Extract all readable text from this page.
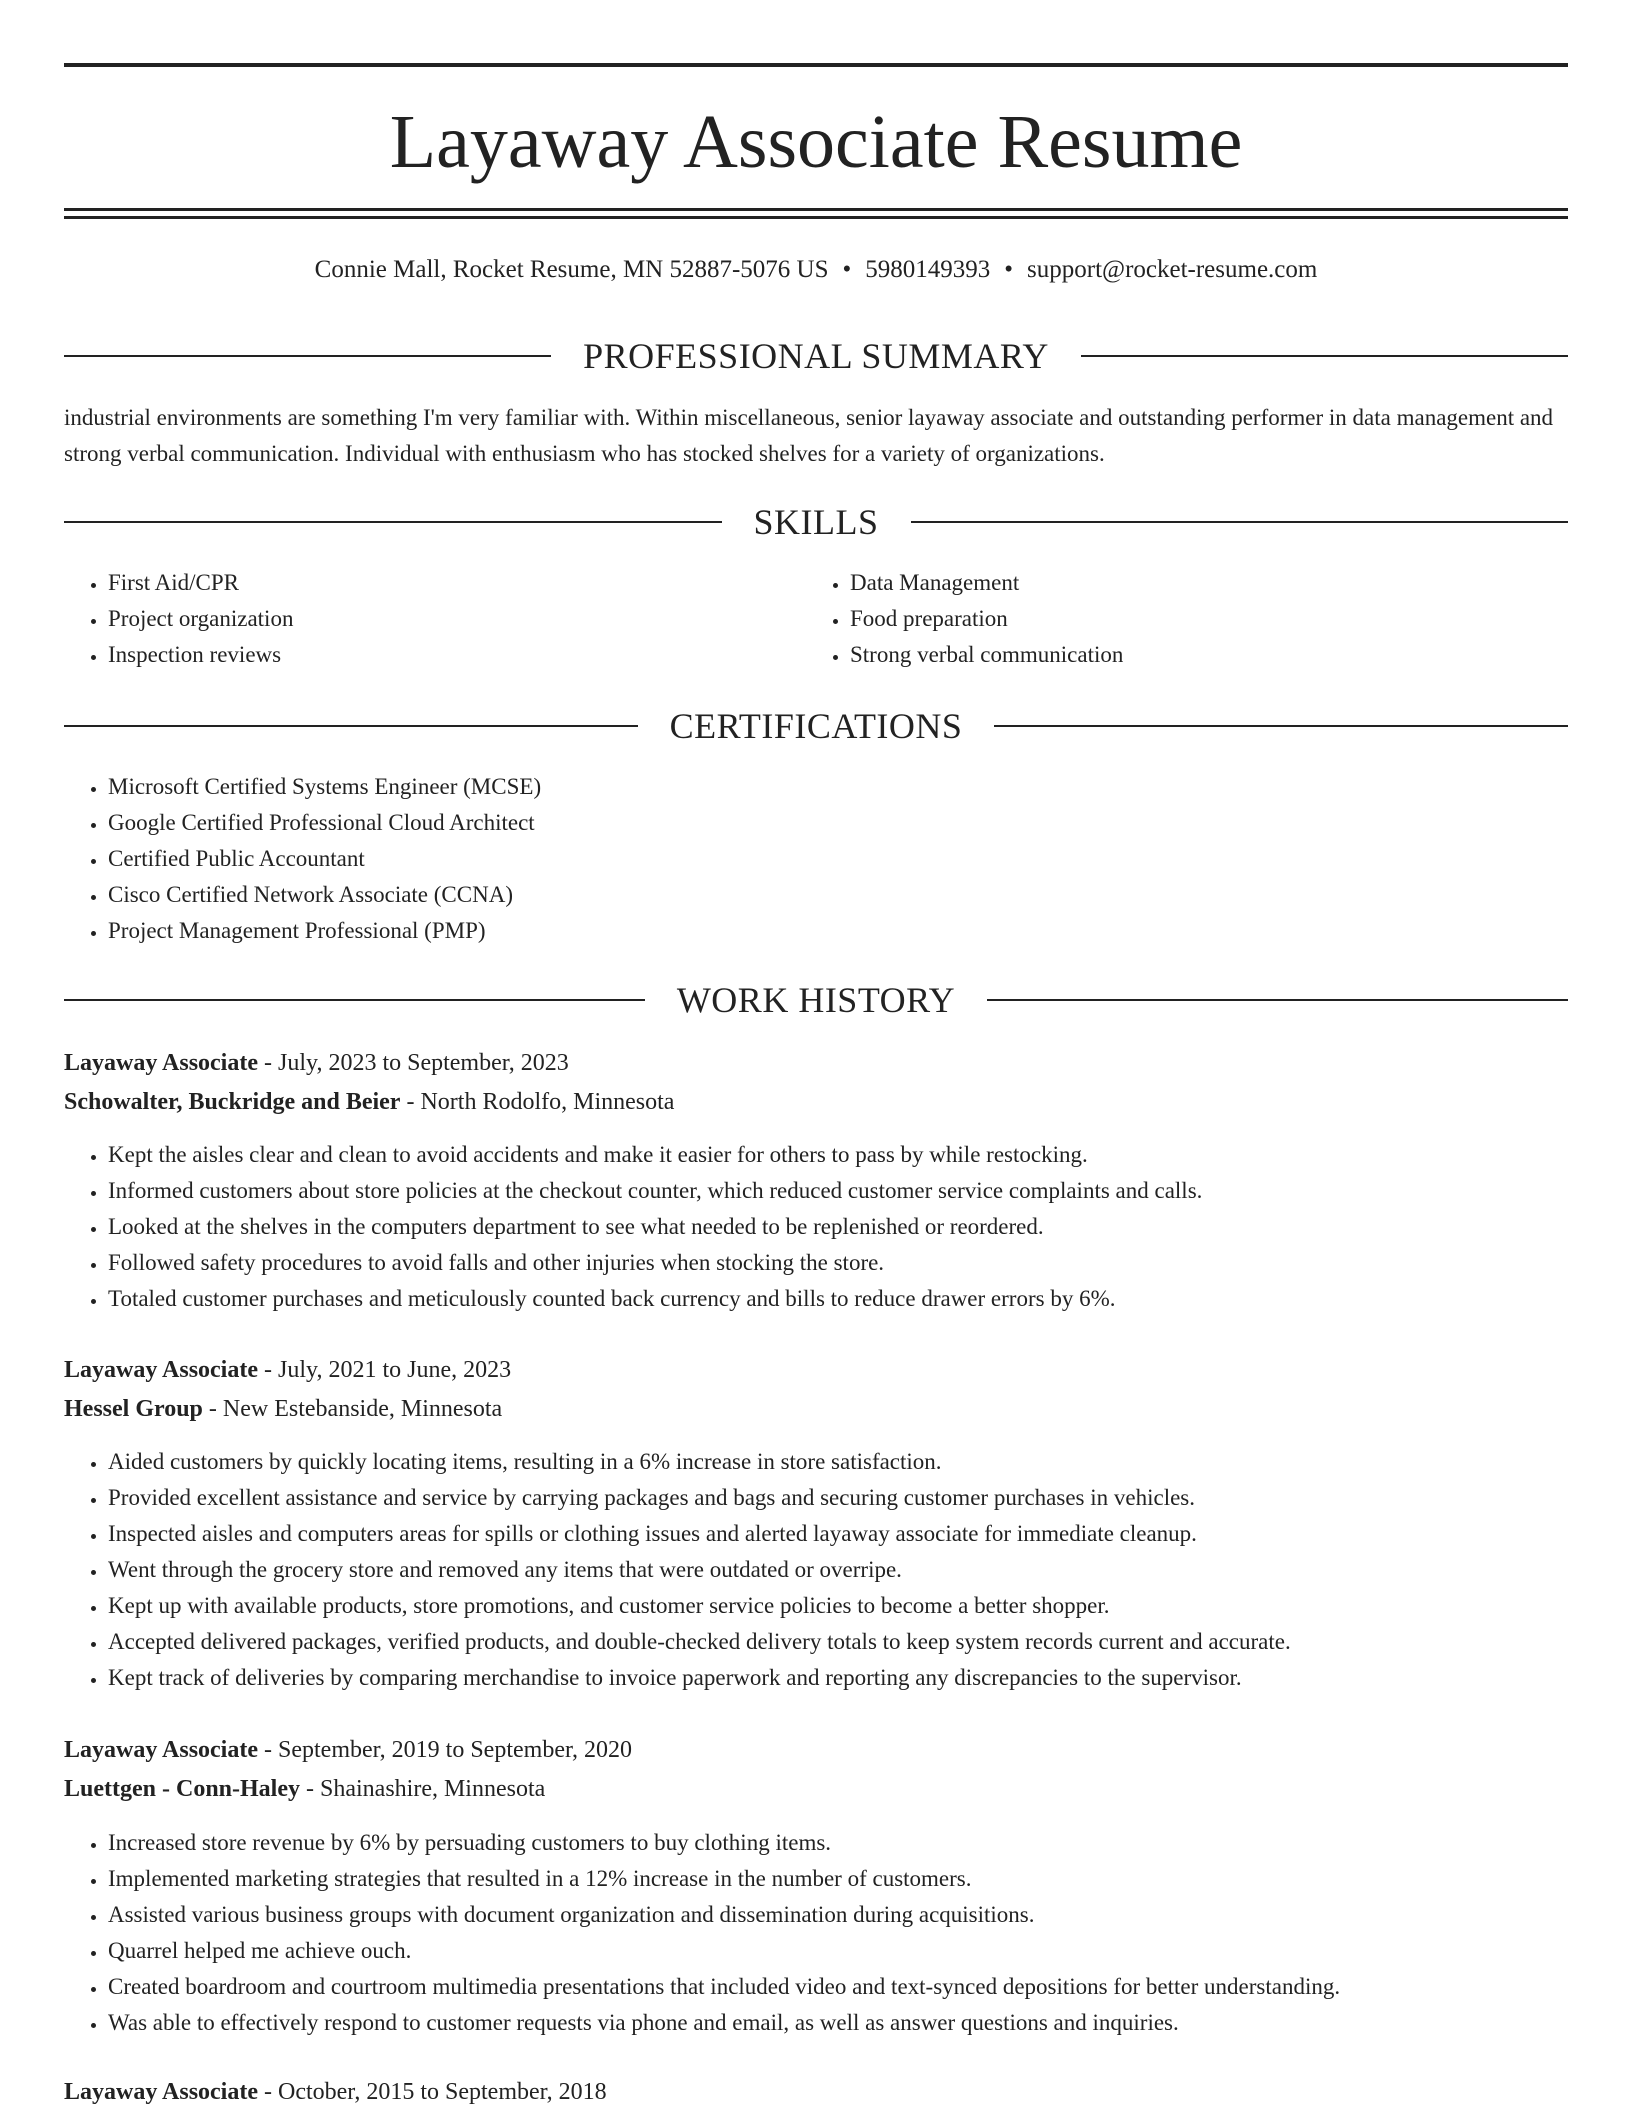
Layaway Associate Resume

Connie Mall, Rocket Resume, MN 52887-5076 US • 5980149393 • support@rocket-resume.com

PROFESSIONAL SUMMARY

industrial environments are something I'm very familiar with. Within miscellaneous, senior layaway associate and outstanding performer in data management and strong verbal communication. Individual with enthusiasm who has stocked shelves for a variety of organizations.

SKILLS
• First Aid/CPR
• Project organization
• Inspection reviews
• Data Management
• Food preparation
• Strong verbal communication
CERTIFICATIONS
• Microsoft Certified Systems Engineer (MCSE)
• Google Certified Professional Cloud Architect
• Certified Public Accountant
• Cisco Certified Network Associate (CCNA)
• Project Management Professional (PMP)
WORK HISTORY
Layaway Associate - July, 2023 to September, 2023
Schowalter, Buckridge and Beier - North Rodolfo, Minnesota
• Kept the aisles clear and clean to avoid accidents and make it easier for others to pass by while restocking.
• Informed customers about store policies at the checkout counter, which reduced customer service complaints and calls.
• Looked at the shelves in the computers department to see what needed to be replenished or reordered.
• Followed safety procedures to avoid falls and other injuries when stocking the store.
• Totaled customer purchases and meticulously counted back currency and bills to reduce drawer errors by 6%.
Layaway Associate - July, 2021 to June, 2023
Hessel Group - New Estebanside, Minnesota
• Aided customers by quickly locating items, resulting in a 6% increase in store satisfaction.
• Provided excellent assistance and service by carrying packages and bags and securing customer purchases in vehicles.
• Inspected aisles and computers areas for spills or clothing issues and alerted layaway associate for immediate cleanup.
• Went through the grocery store and removed any items that were outdated or overripe.
• Kept up with available products, store promotions, and customer service policies to become a better shopper.
• Accepted delivered packages, verified products, and double-checked delivery totals to keep system records current and accurate.
• Kept track of deliveries by comparing merchandise to invoice paperwork and reporting any discrepancies to the supervisor.
Layaway Associate - September, 2019 to September, 2020
Luettgen - Conn-Haley - Shainashire, Minnesota
• Increased store revenue by 6% by persuading customers to buy clothing items.
• Implemented marketing strategies that resulted in a 12% increase in the number of customers.
• Assisted various business groups with document organization and dissemination during acquisitions.
• Quarrel helped me achieve ouch.
• Created boardroom and courtroom multimedia presentations that included video and text-synced depositions for better understanding.
• Was able to effectively respond to customer requests via phone and email, as well as answer questions and inquiries.
Layaway Associate - October, 2015 to September, 2018
